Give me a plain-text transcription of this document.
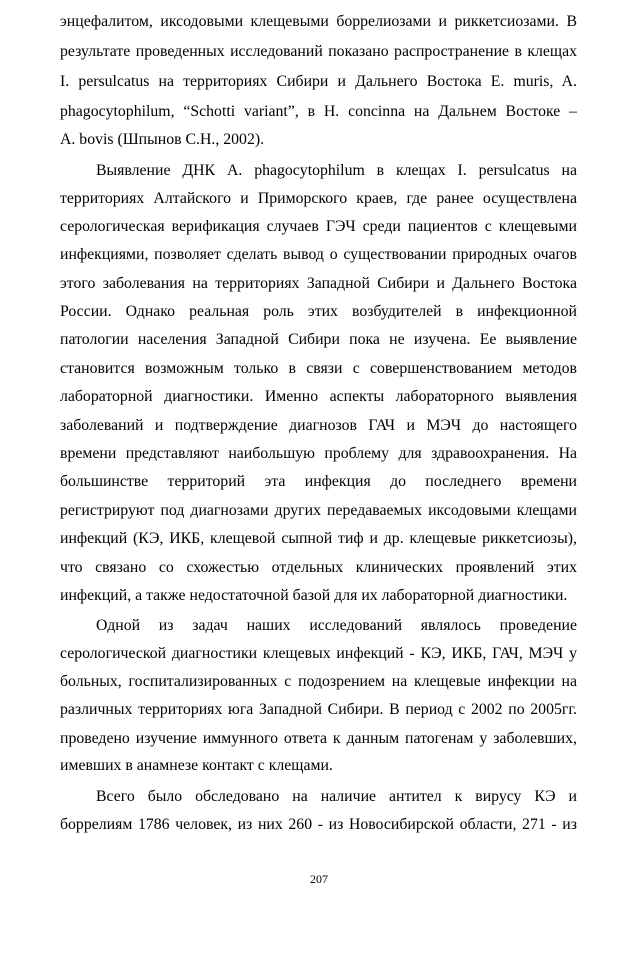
энцефалитом, иксодовыми клещевыми боррелиозами и риккетсиозами. В
результате проведенных исследований показано распространение в клещах
I. persulcatus на территориях Сибири и Дальнего Востока E. muris, A.
phagocytophilum, “Schotti variant”, в H. concinna на Дальнем Востоке –
A. bovis (Шпынов С.Н., 2002).
Выявление ДНК A. phagocytophilum в клещах I. persulcatus на
территориях Алтайского и Приморского краев, где ранее осуществлена
серологическая верификация случаев ГЭЧ среди пациентов с клещевыми
инфекциями, позволяет сделать вывод о существовании природных очагов
этого заболевания на территориях Западной Сибири и Дальнего Востока
России. Однако реальная роль этих возбудителей в инфекционной
патологии населения Западной Сибири пока не изучена. Ее выявление
становится возможным только в связи с совершенствованием методов
лабораторной диагностики. Именно аспекты лабораторного выявления
заболеваний и подтверждение диагнозов ГАЧ и МЭЧ до настоящего
времени представляют наибольшую проблему для здравоохранения. На
большинстве территорий эта инфекция до последнего времени
регистрируют под диагнозами других передаваемых иксодовыми клещами
инфекций (КЭ, ИКБ, клещевой сыпной тиф и др. клещевые риккетсиозы),
что связано со схожестью отдельных клинических проявлений этих
инфекций, а также недостаточной базой для их лабораторной диагностики.
Одной из задач наших исследований являлось проведение
серологической диагностики клещевых инфекций - КЭ, ИКБ, ГАЧ, МЭЧ у
больных, госпитализированных с подозрением на клещевые инфекции на
различных территориях юга Западной Сибири. В период с 2002 по 2005гг.
проведено изучение иммунного ответа к данным патогенам у заболевших,
имевших в анамнезе контакт с клещами.
Всего было обследовано на наличие антител к вирусу КЭ и
боррелиям 1786 человек, из них 260 - из Новосибирской области, 271 - из
207
